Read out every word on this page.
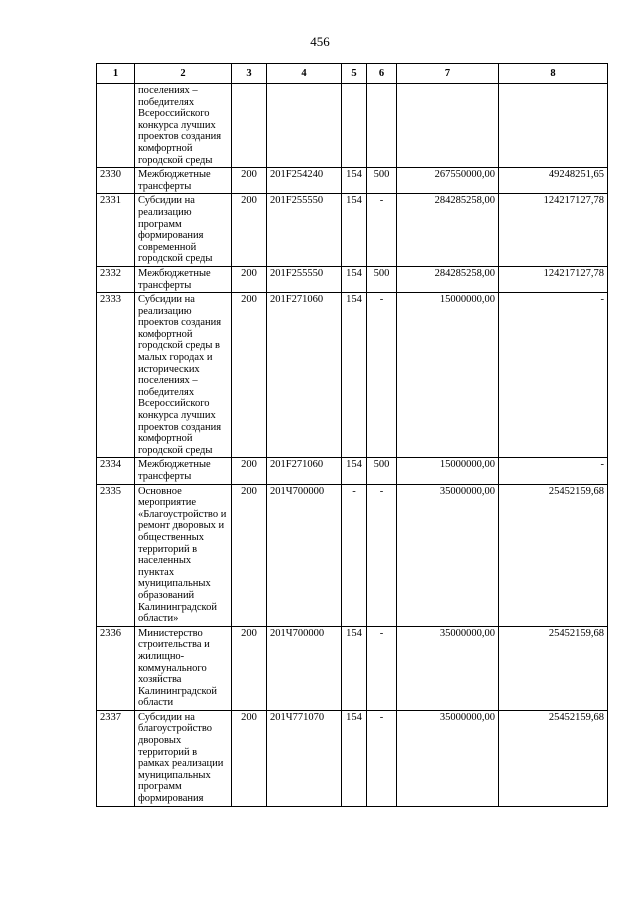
456
1	2	3	4	5	6	7	8
	поселениях – победителях Всероссийского конкурса лучших проектов создания комфортной городской среды						
2330	Межбюджетные трансферты	200	201F254240	154	500	267550000,00	49248251,65
2331	Субсидии на реализацию программ формирования современной городской среды	200	201F255550	154	-	284285258,00	124217127,78
2332	Межбюджетные трансферты	200	201F255550	154	500	284285258,00	124217127,78
2333	Субсидии на реализацию проектов создания комфортной городской среды в малых городах и исторических поселениях – победителях Всероссийского конкурса лучших проектов создания комфортной городской среды	200	201F271060	154	-	15000000,00	-
2334	Межбюджетные трансферты	200	201F271060	154	500	15000000,00	-
2335	Основное мероприятие «Благоустройство и ремонт дворовых и общественных территорий в населенных пунктах муниципальных образований Калининградской области»	200	201Ч700000	-	-	35000000,00	25452159,68
2336	Министерство строительства и жилищно-коммунального хозяйства Калининградской области	200	201Ч700000	154	-	35000000,00	25452159,68
2337	Субсидии на благоустройство дворовых территорий в рамках реализации муниципальных программ формирования	200	201Ч771070	154	-	35000000,00	25452159,68
